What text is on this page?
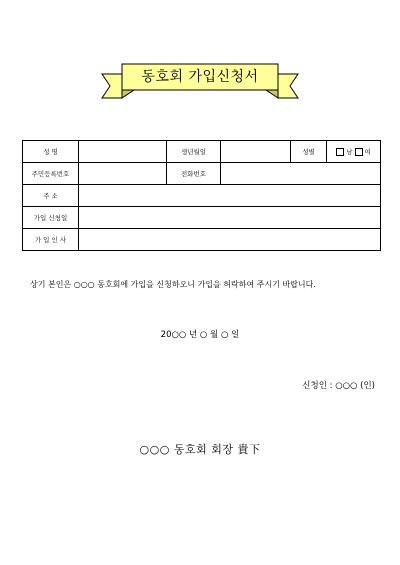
동호회 가입신청서
성 명		생년월일		성별	남 여

주민등록번호		전화번호			
주 소					
가입 신청일					
가 입 인 사					
상기 본인은 ○○○ 동호회에 가입을 신청하오니 가입을 허락하여 주시기 바랍니다.
20○○ 년 ○ 월 ○ 일
신청인 : ○○○ (인)
○○○ 동호회 회장 貴下
